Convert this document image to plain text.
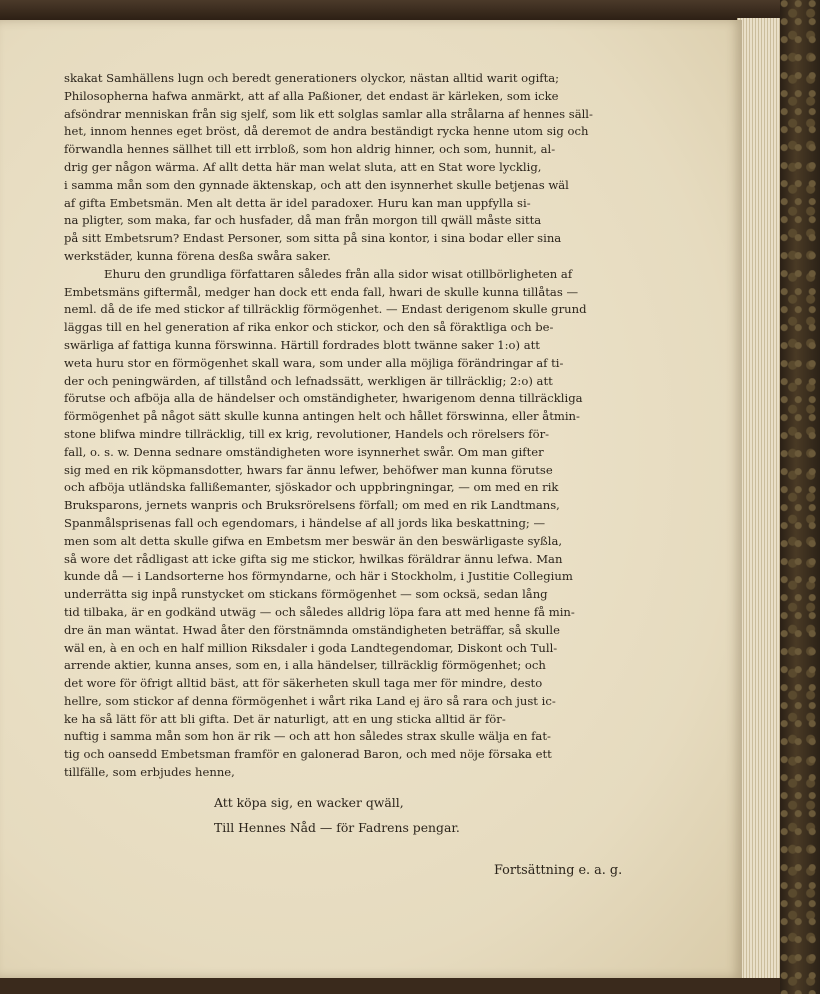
skakat Samhällens lugn och beredt generationers olyckor, nästan alltid warit ogifta;
Philosopherna hafwa anmärkt, att af alla Paßioner, det endast är kärleken, som icke
afsöndrar menniskan från sig sjelf, som lik ett solglas samlar alla strålarna af hennes säll-
het, innom hennes eget bröst, då deremot de andra beständigt rycka henne utom sig och
förwandla hennes sällhet till ett irrbloß, som hon aldrig hinner, och som, hunnit, al-
drig ger någon wärma. Af allt detta här man welat sluta, att en Stat wore lycklig,
i samma mån som den gynnade äktenskap, och att den isynnerhet skulle betjenas wäl
af gifta Embetsmän. Men alt detta är idel paradoxer. Huru kan man uppfylla si-
na pligter, som maka, far och husfader, då man från morgon till qwäll måste sitta
på sitt Embetsrum? Endast Personer, som sitta på sina kontor, i sina bodar eller sina
werkstäder, kunna förena desßa swåra saker.
Ehuru den grundliga författaren således från alla sidor wisat otillbörligheten af
Embetsmäns giftermål, medger han dock ett enda fall, hwari de skulle kunna tillåtas —
neml. då de ife med stickor af tillräcklig förmögenhet. — Endast derigenom skulle grund
läggas till en hel generation af rika enkor och stickor, och den så föraktliga och be-
swärliga af fattiga kunna förswinna. Härtill fordrades blott twänne saker 1:o) att
weta huru stor en förmögenhet skall wara, som under alla möjliga förändringar af ti-
der och peningwärden, af tillstånd och lefnadssätt, werkligen är tillräcklig; 2:o) att
förutse och afböja alla de händelser och omständigheter, hwarigenom denna tillräckliga
förmögenhet på något sätt skulle kunna antingen helt och hållet förswinna, eller åtmin-
stone blifwa mindre tillräcklig, till ex krig, revolutioner, Handels och rörelsers för-
fall, o. s. w. Denna sednare omständigheten wore isynnerhet swår. Om man gifter
sig med en rik köpmansdotter, hwars far ännu lefwer, behöfwer man kunna förutse
och afböja utländska fallißemanter, sjöskador och uppbringningar, — om med en rik
Bruksparons, jernets wanpris och Bruksrörelsens förfall; om med en rik Landtmans,
Spanmålsprisenas fall och egendomars, i händelse af all jords lika beskattning; —
men som alt detta skulle gifwa en Embetsm mer beswär än den beswärligaste syßla,
så wore det rådligast att icke gifta sig me stickor, hwilkas föräldrar ännu lefwa. Man
kunde då — i Landsorterne hos förmyndarne, och här i Stockholm, i Justitie Collegium
underrätta sig inpå runstycket om stickans förmögenhet — som ocksä, sedan lång
tid tilbaka, är en godkänd utwäg — och således alldrig löpa fara att med henne få min-
dre än man wäntat. Hwad åter den förstnämnda omständigheten beträffar, så skulle
wäl en, à en och en half million Riksdaler i goda Landtegendomar, Diskont och Tull-
arrende aktier, kunna anses, som en, i alla händelser, tillräcklig förmögenhet; och
det wore för öfrigt alltid bäst, att för säkerheten skull taga mer för mindre, desto
hellre, som stickor af denna förmögenhet i wårt rika Land ej äro så rara och just ic-
ke ha så lätt för att bli gifta. Det är naturligt, att en ung sticka alltid är för-
nuftig i samma mån som hon är rik — och att hon således strax skulle wälja en fat-
tig och oansedd Embetsman framför en galonerad Baron, och med nöje försaka ett
tillfälle, som erbjudes henne,
Att köpa sig, en wacker qwäll,
Till Hennes Nåd — för Fadrens pengar.
Fortsättning e. a. g.
